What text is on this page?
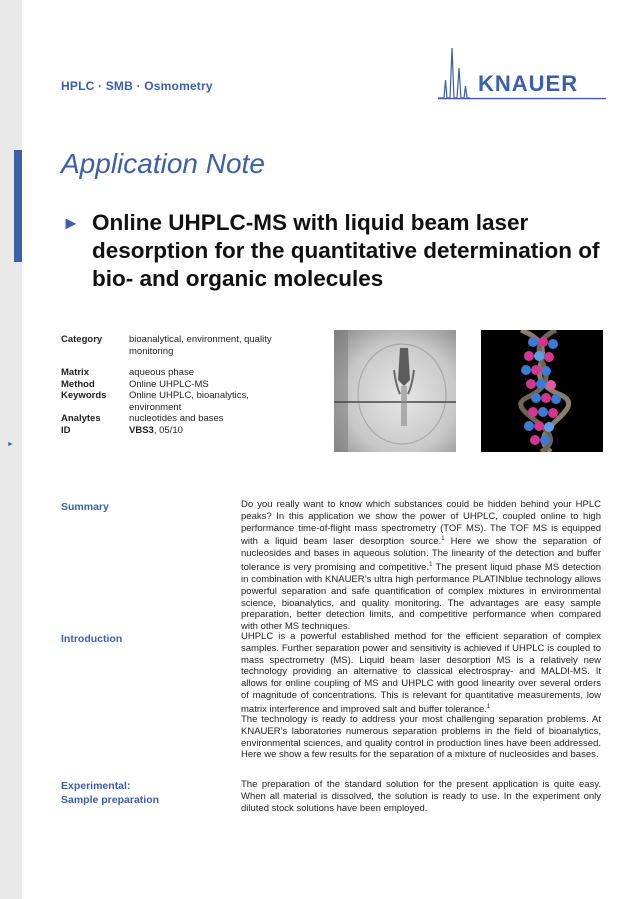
►
HPLC · SMB · Osmometry	KNAUER
Application Note
► Online UHPLC-MS with liquid beam laser desorption for the quantitative determination of bio- and organic molecules
Category	bioanalytical, environment, quality monitoring
Matrix	aqueous phase
Method	Online UHPLC-MS
Keywords	Online UHPLC, bioanalytics, environment
Analytes	nucleotides and bases
ID	VBS3, 05/10
Summary	Do you really want to know which substances could be hidden behind your HPLC peaks? In this application we show the power of UHPLC, coupled online to high performance time-of-flight mass spectrometry (TOF MS). The TOF MS is equipped with a liquid beam laser desorption source.$^1$ Here we show the separation of nucleosides and bases in aqueous solution. The linearity of the detection and buffer tolerance is very promising and competitive.$^1$ The present liquid phase MS detection in combination with KNAUER’s ultra high performance PLATINblue technology allows powerful separation and safe quantification of complex mixtures in environmental science, bioanalytics, and quality monitoring. The advantages are easy sample preparation, better detection limits, and competitive performance when compared with other MS techniques.
Introduction	UHPLC is a powerful established method for the efficient separation of complex samples. Further separation power and sensitivity is achieved if UHPLC is coupled to mass spectrometry (MS). Liquid beam laser desorption MS is a relatively new technology providing an alternative to classical electrospray- and MALDI-MS. It allows for online coupling of MS and UHPLC with good linearity over several orders of magnitude of concentrations. This is relevant for quantitative measurements, low matrix interference and improved salt and buffer tolerance.$^1$
The technology is ready to address your most challenging separation problems. At KNAUER’s laboratories numerous separation problems in the field of bioanalytics, environmental sciences, and quality control in production lines have been addressed. Here we show a few results for the separation of a mixture of nucleosides and bases.
Experimental:
Sample preparation
The preparation of the standard solution for the present application is quite easy. When all material is dissolved, the solution is ready to use. In the experiment only diluted stock solutions have been employed.
